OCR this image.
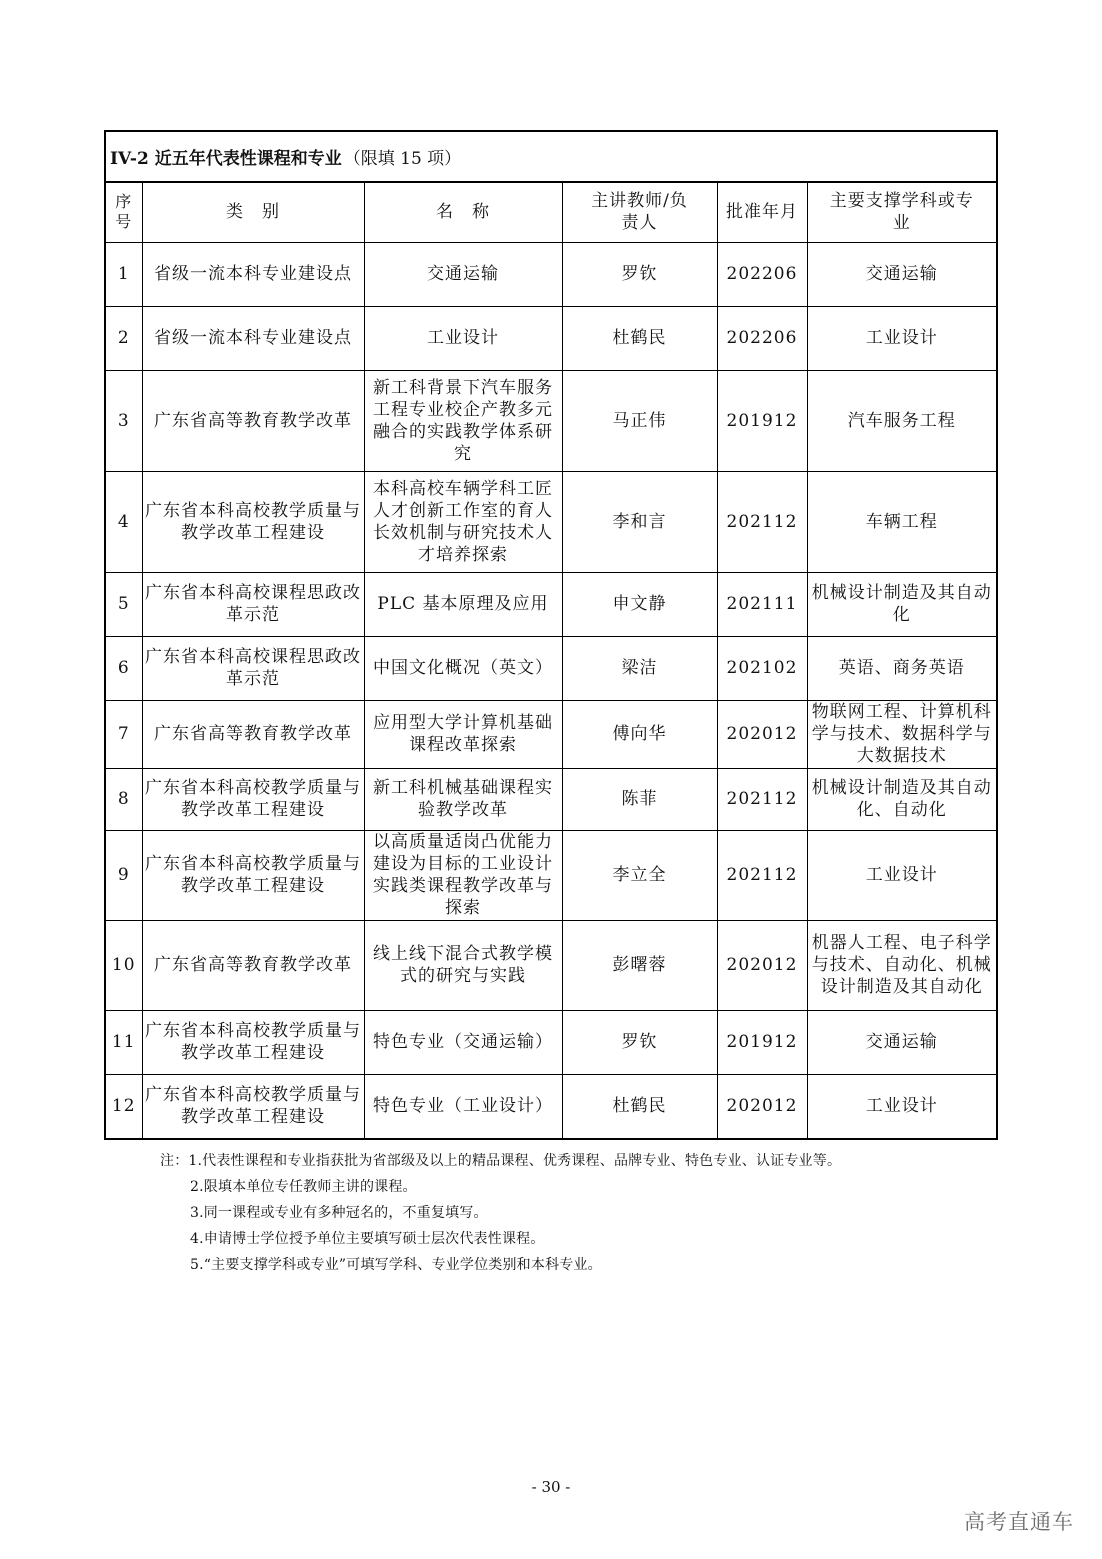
IV-2 近五年代表性课程和专业 （限填 15 项）
序号	类　别	名　称	主讲教师/负责人	批准年月	主要支撑学科或专业
1	省级一流本科专业建设点	交通运输	罗钦	202206	交通运输
2	省级一流本科专业建设点	工业设计	杜鹤民	202206	工业设计
3	广东省高等教育教学改革	新工科背景下汽车服务工程专业校企产教多元融合的实践教学体系研究	马正伟	201912	汽车服务工程
4	广东省本科高校教学质量与教学改革工程建设	本科高校车辆学科工匠人才创新工作室的育人长效机制与研究技术人才培养探索	李和言	202112	车辆工程
5	广东省本科高校课程思政改革示范	PLC 基本原理及应用	申文静	202111	机械设计制造及其自动化
6	广东省本科高校课程思政改革示范	中国文化概况（英文）	梁洁	202102	英语、商务英语
7	广东省高等教育教学改革	应用型大学计算机基础课程改革探索	傅向华	202012	物联网工程、计算机科学与技术、数据科学与大数据技术
8	广东省本科高校教学质量与教学改革工程建设	新工科机械基础课程实验教学改革	陈菲	202112	机械设计制造及其自动化、自动化
9	广东省本科高校教学质量与教学改革工程建设	以高质量适岗凸优能力建设为目标的工业设计实践类课程教学改革与探索	李立全	202112	工业设计
10	广东省高等教育教学改革	线上线下混合式教学模式的研究与实践	彭曙蓉	202012	机器人工程、电子科学与技术、自动化、机械设计制造及其自动化
11	广东省本科高校教学质量与教学改革工程建设	特色专业（交通运输）	罗钦	201912	交通运输
12	广东省本科高校教学质量与教学改革工程建设	特色专业（工业设计）	杜鹤民	202012	工业设计
注：1.代表性课程和专业指获批为省部级及以上的精品课程、优秀课程、品牌专业、特色专业、认证专业等。
2.限填本单位专任教师主讲的课程。
3.同一课程或专业有多种冠名的，不重复填写。
4.申请博士学位授予单位主要填写硕士层次代表性课程。
5.“主要支撑学科或专业”可填写学科、专业学位类别和本科专业。
- 30 -
高考直通车
